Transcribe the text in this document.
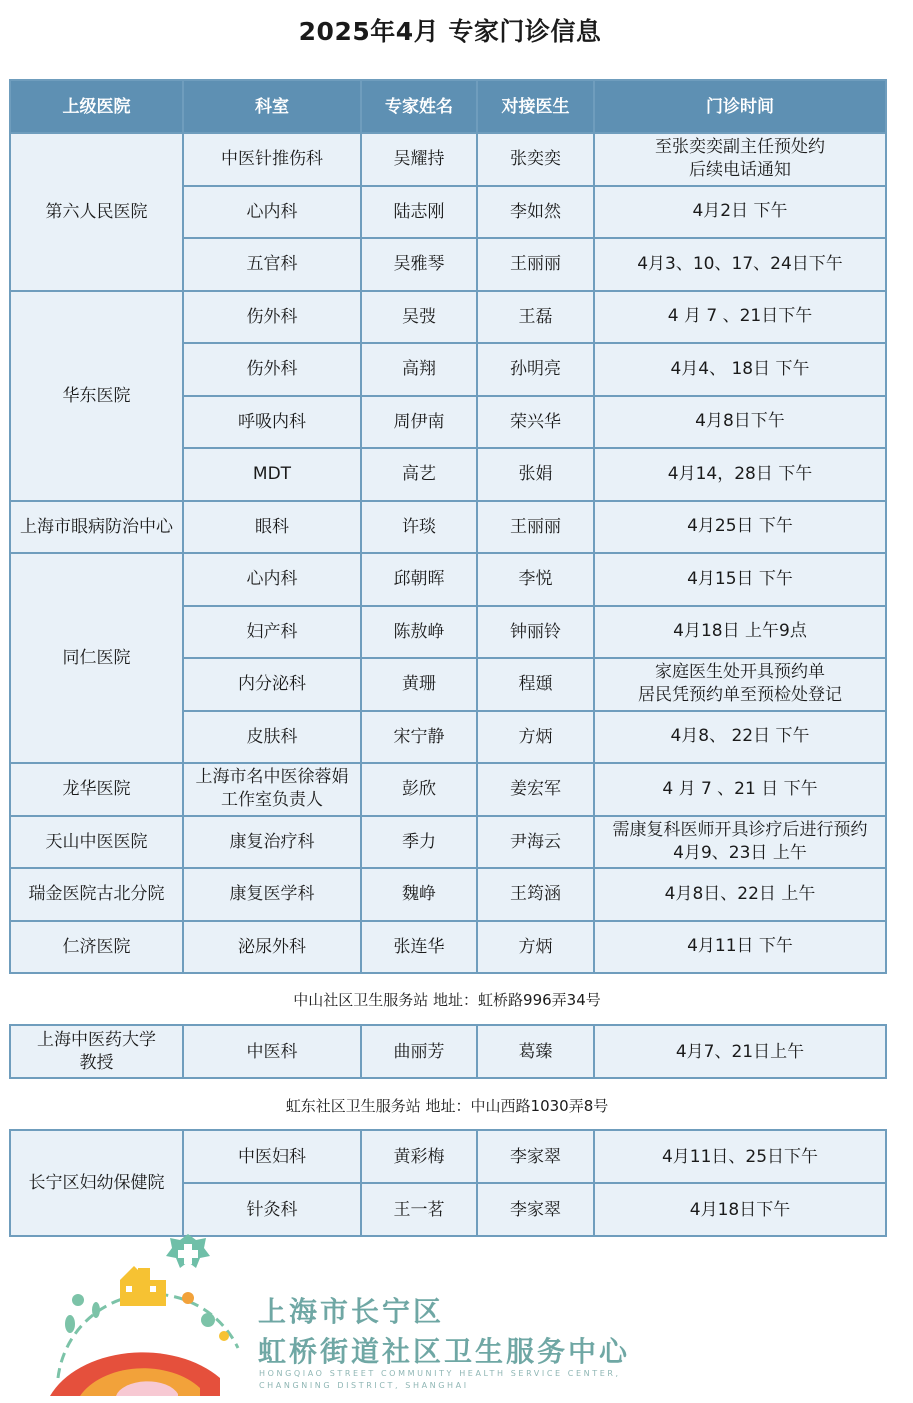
2025年4月 专家门诊信息
上级医院	科室	专家姓名	对接医生	门诊时间
第六人民医院	中医针推伤科	吴耀持	张奕奕	至张奕奕副主任预处约
后续电话通知

	心内科	陆志刚	李如然	4月2日 下午

	五官科	吴雅琴	王丽丽	4月3、10、17、24日下午

华东医院	伤外科	吴弢	王磊	4 月 7 、21日下午

	伤外科	高翔	孙明亮	4月4、 18日 下午

	呼吸内科	周伊南	荣兴华	4月8日下午

	MDT	高艺	张娟	4月14，28日 下午

上海市眼病防治中心	眼科	许琰	王丽丽	4月25日 下午

同仁医院	心内科	邱朝晖	李悦	4月15日 下午

	妇产科	陈敖峥	钟丽铃	4月18日 上午9点

	内分泌科	黄珊	程頲	家庭医生处开具预约单
居民凭预约单至预检处登记

	皮肤科	宋宁静	方炳	4月8、 22日 下午

龙华医院	上海市名中医徐蓉娟
工作室负责人	彭欣	姜宏军	4 月 7 、21 日 下午

天山中医医院	康复治疗科	季力	尹海云	需康复科医师开具诊疗后进行预约
4月9、23日 上午

瑞金医院古北分院	康复医学科	魏峥	王筠涵	4月8日、22日 上午

仁济医院	泌尿外科	张连华	方炳	4月11日 下午
中山社区卫生服务站 地址：虹桥路996弄34号
上海中医药大学
教授
	中医科	曲丽芳	葛臻	4月7、21日上午
虹东社区卫生服务站 地址：中山西路1030弄8号
长宁区妇幼保健院	中医妇科	黄彩梅	李家翠	4月11日、25日下午
	针灸科	王一茗	李家翠	4月18日下午
上海市长宁区
虹桥街道社区卫生服务中心
HONGQIAO STREET COMMUNITY HEALTH SERVICE CENTER,
CHANGNING DISTRICT, SHANGHAI
